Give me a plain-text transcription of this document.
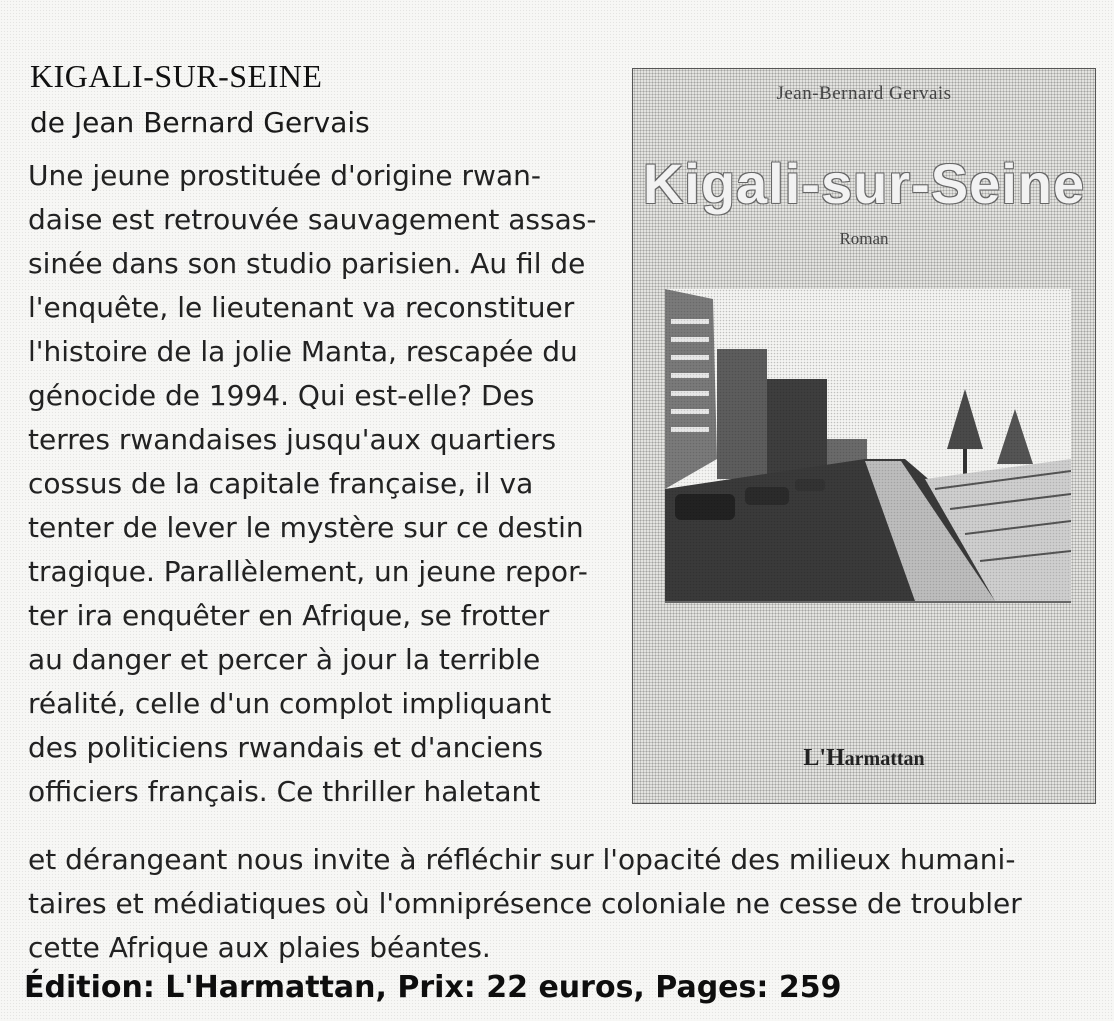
KIGALI-SUR-SEINE
de Jean Bernard Gervais
Une jeune prostituée d'origine rwan-
daise est retrouvée sauvagement assas-
sinée dans son studio parisien. Au fil de
l'enquête, le lieutenant va reconstituer
l'histoire de la jolie Manta, rescapée du
génocide de 1994. Qui est-elle? Des
terres rwandaises jusqu'aux quartiers
cossus de la capitale française, il va
tenter de lever le mystère sur ce destin
tragique. Parallèlement, un jeune repor-
ter ira enquêter en Afrique, se frotter
au danger et percer à jour la terrible
réalité, celle d'un complot impliquant
des politiciens rwandais et d'anciens
officiers français. Ce thriller haletant
et dérangeant nous invite à réfléchir sur l'opacité des milieux humani-
taires et médiatiques où l'omniprésence coloniale ne cesse de troubler
cette Afrique aux plaies béantes.
Édition: L'Harmattan, Prix: 22 euros, Pages: 259
Jean-Bernard Gervais
Kigali-sur-Seine
Roman
L'Harmattan
